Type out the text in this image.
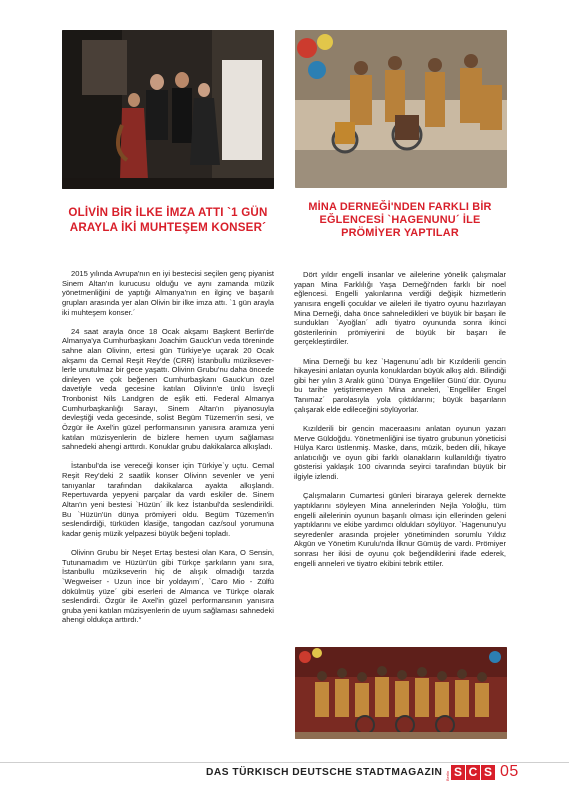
OLİVİN BİR İLKE İMZA ATTI `1 GÜN ARAYLA İKİ MUHTEŞEM KONSER´
MİNA DERNEĞİ'NDEN FARKLI BİR EĞLENCESİ `HAGENUNU´ İLE PRÖMİYER YAPTILAR

2015 yılında Avrupa'nın en iyi bestecisi seçilen genç piyanist Sinem Altan'ın kurucusu olduğu ve aynı zamanda müzik yönetmenliğini de yaptığı Almanya'nın en ilginç ve başarılı grupları arasında yer alan Olivin bir ilke imza attı. `1 gün arayla iki muhteşem konser.´

24 saat arayla önce 18 Ocak akşamı Başkent Berlin'de Almanya'ya Cumhurbaşkanı Joachim Gauck'un veda töreninde sahne alan Olivinn, ertesi gün Türkiye'ye uçarak 20 Ocak akşamı da Cemal Reşit Rey'de (CRR) İstanbullu müzikseverlerle unutulmaz bir gece yaşattı. Olivinn Grubu'nu daha öncede dinleyen ve çok beğenen Cumhurbaşkanı Gauck'un özel davetiyle veda gecesine katılan Olivinn'e ünlü İsveçli Tronbonist Nils Landgren de eşlik etti. Federal Almanya Cumhurbaşkanlığı Sarayı, Sinem Altan'ın piyanosuyla devleştiği veda gecesinde, solist Begüm Tüzemen'in sesi, ve Özgür ile Axel'in güzel performansının yanısıra aramıza yeni katılan müzisyenlerin de bizlere hemen uyum sağlaması sahnedeki ahengi arttırdı. Konuklar grubu dakikalarca alkışladı.

İstanbul'da ise vereceği konser için Türkiye`y uçtu. Cemal Reşit Rey'deki 2 saatlik konser Olivinn sevenler ve yeni tanıyanlar tarafından dakikalarca ayakta alkışlandı. Repertuvarda yepyeni parçalar da vardı eskiler de. Sinem Altan'ın yeni bestesi `Hüzün´ ilk kez İstanbul'da seslendirildi. Bu `Hüzün'ün dünya prömiyeri oldu. Begüm Tüzemen'in seslendirdiği, türküden klasiğe, tangodan caz/soul yorumuna kadar geniş müzik yelpazesi büyük beğeni topladı.

Olivinn Grubu bir Neşet Ertaş bestesi olan Kara, O Sensin, Tutunamadım ve Hüzün'ün gibi Türkçe şarkıların yanı sıra, İstanbullu müzikseverin hiç de alışık olmadığı tarzda `Wegweiser - Uzun ince bir yoldayım´, `Caro Mio - Zülfü dökülmüş yüze´ gibi eserleri de Almanca ve Türkçe olarak seslendirdi. Özgür ile Axel'in güzel performansının yanısıra gruba yeni katılan müzisyenlerin de uyum sağlaması sahnedeki ahengi oldukça arttırdı.“

Dört yıldır engelli insanlar ve ailelerine yönelik çalışmalar yapan Mina Farklılığı Yaşa Derneği'nden farklı bir noel eğlencesi. Engelli yakınlarına verdiği değişik hizmetlerin yanısıra engelli çocuklar ve aileleri ile tiyatro oyunu hazırlayan Mina Derneği, daha önce sahneledikleri ve büyük bir başarı ile sundukları `Ayoğlan´ adlı tiyatro oyununda sonra ikinci gösterilerinin prömiyerini de büyük bir başarı ile gerçekleştirdiler.

Mina Derneği bu kez `Hagenunu´adlı bir Kızılderili gencin hikayesini anlatan oyunla konuklardan büyük alkış aldı. Bilindiği gibi her yılın 3 Aralık günü `Dünya Engelliler Günü´dür. Oyunu bu tarihe yetiştiremeyen Mina anneleri, `Engelliler Engel Tanımaz´ parolasıyla yola çıktıklarını; büyük başarıların çalışarak elde edileceğini söylüyorlar.

Kızılderili bir gencin maceraasını anlatan oyunun yazarı Merve Güldoğdu. Yönetmenliğini ise tiyatro grubunun yöneticisi Hülya Karcı üstlenmiş. Maske, dans, müzik, beden dili, hikaye anlatıcılığı ve oyun gibi farklı olanakların kullanıldığı tiyatro gösterisi yaklaşık 100 civarında seyirci tarafından büyük bir ilgiyle izlendi.

Çalışmaların Cumartesi günleri biraraya gelerek dernekte yaptıklarını söyleyen Mina annelerinden Nejla Yoloğlu, tüm engelli ailelerinin oyunun başarılı olması için ellerinden geleni yaptıklarını ve ekibe yardımcı oldukları söylüyor. `Hagenunu'yu seyredenler arasında projeler yönetiminden sorumlu Yıldız Akgün ve Yönetim Kurulu'nda İlknur Gümüş de vardı. Prömiyer sonrası her ikisi de oyunu çok beğendiklerini ifade ederek, engelli anneleri ve tiyatro ekibini tebrik ettiler.

DAS TÜRKISCH DEUTSCHE STADTMAGAZIN Berlin S C S 05
